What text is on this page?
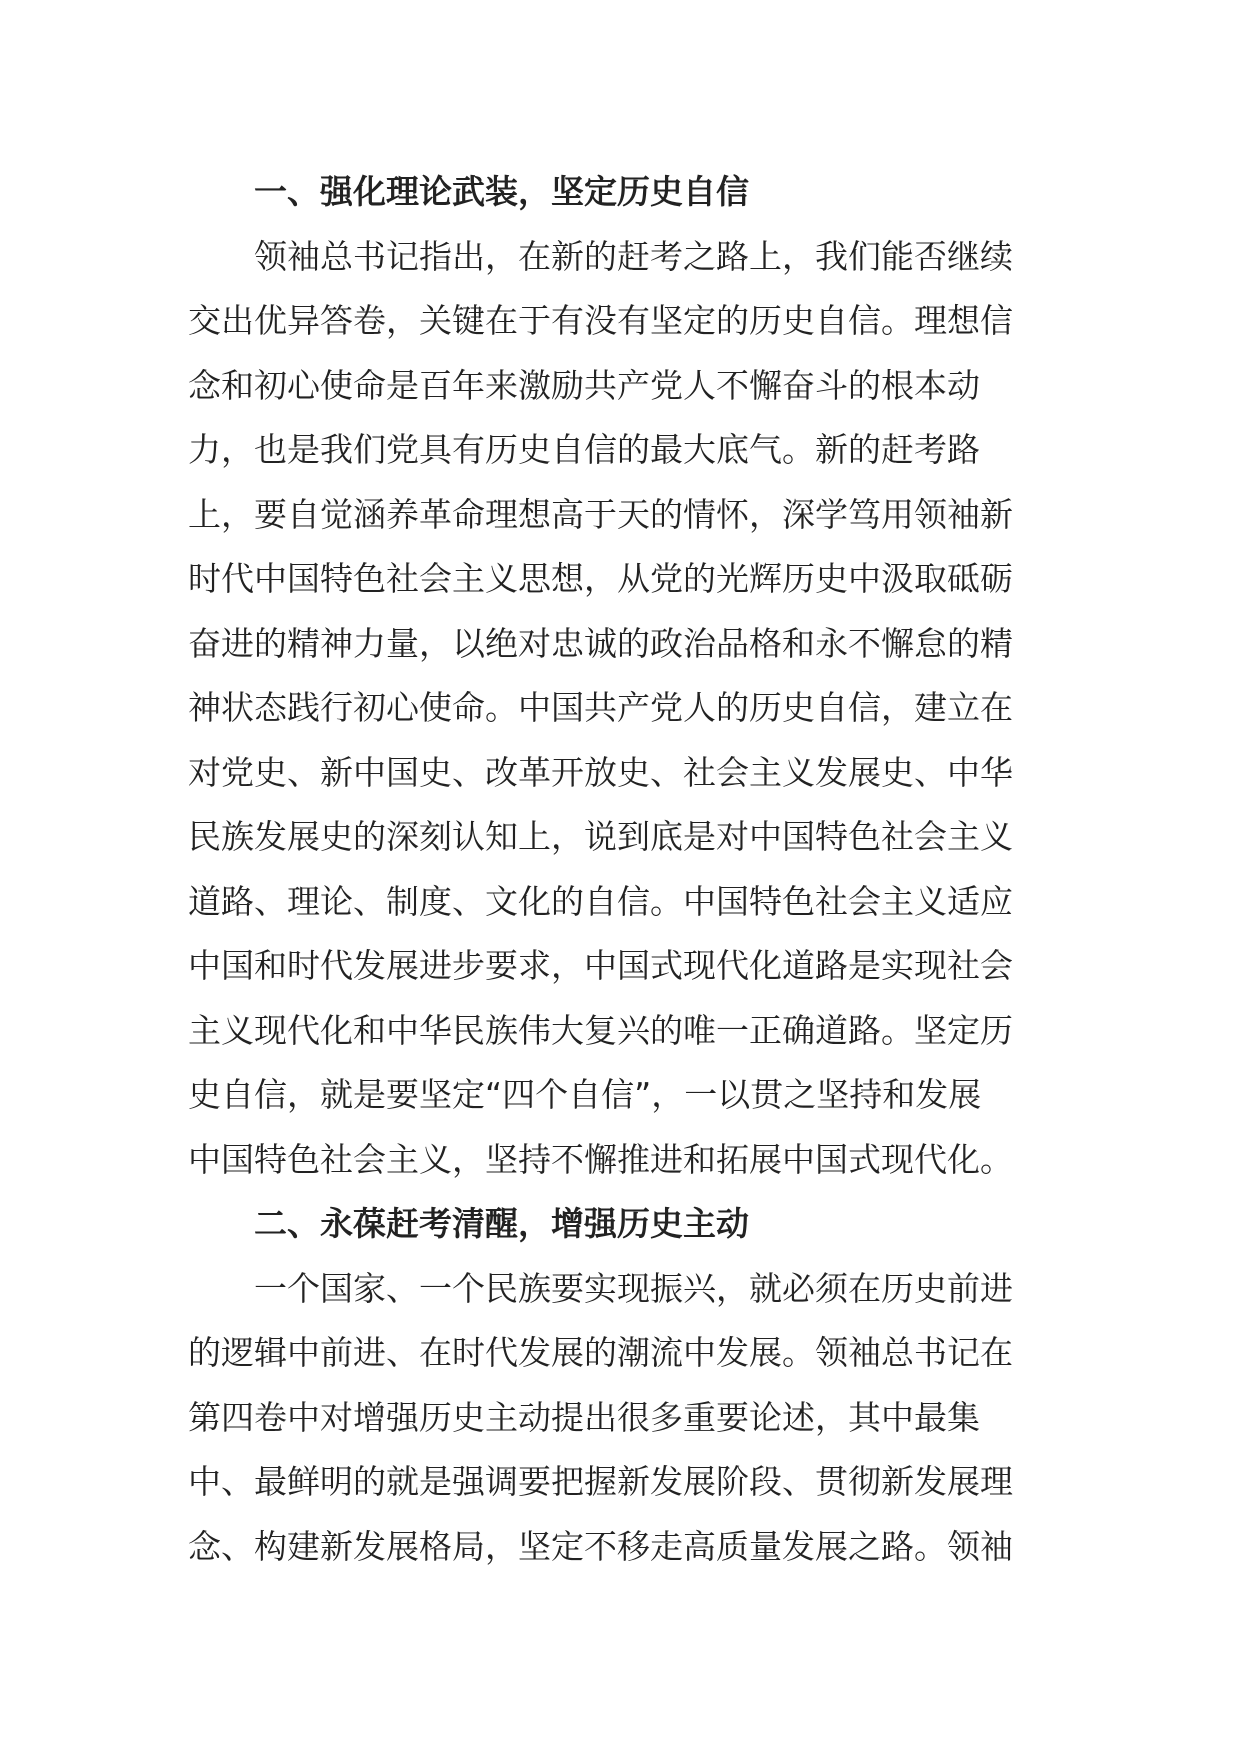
一、强化理论武装，坚定历史自信
领袖总书记指出，在新的赶考之路上，我们能否继续
交出优异答卷，关键在于有没有坚定的历史自信。理想信
念和初心使命是百年来激励共产党人不懈奋斗的根本动
力，也是我们党具有历史自信的最大底气。新的赶考路
上，要自觉涵养革命理想高于天的情怀，深学笃用领袖新
时代中国特色社会主义思想，从党的光辉历史中汲取砥砺
奋进的精神力量，以绝对忠诚的政治品格和永不懈怠的精
神状态践行初心使命。中国共产党人的历史自信，建立在
对党史、新中国史、改革开放史、社会主义发展史、中华
民族发展史的深刻认知上，说到底是对中国特色社会主义
道路、理论、制度、文化的自信。中国特色社会主义适应
中国和时代发展进步要求，中国式现代化道路是实现社会
主义现代化和中华民族伟大复兴的唯一正确道路。坚定历
史自信，就是要坚定“四个自信”，一以贯之坚持和发展
中国特色社会主义，坚持不懈推进和拓展中国式现代化。
二、永葆赶考清醒，增强历史主动
一个国家、一个民族要实现振兴，就必须在历史前进
的逻辑中前进、在时代发展的潮流中发展。领袖总书记在
第四卷中对增强历史主动提出很多重要论述，其中最集
中、最鲜明的就是强调要把握新发展阶段、贯彻新发展理
念、构建新发展格局，坚定不移走高质量发展之路。领袖
